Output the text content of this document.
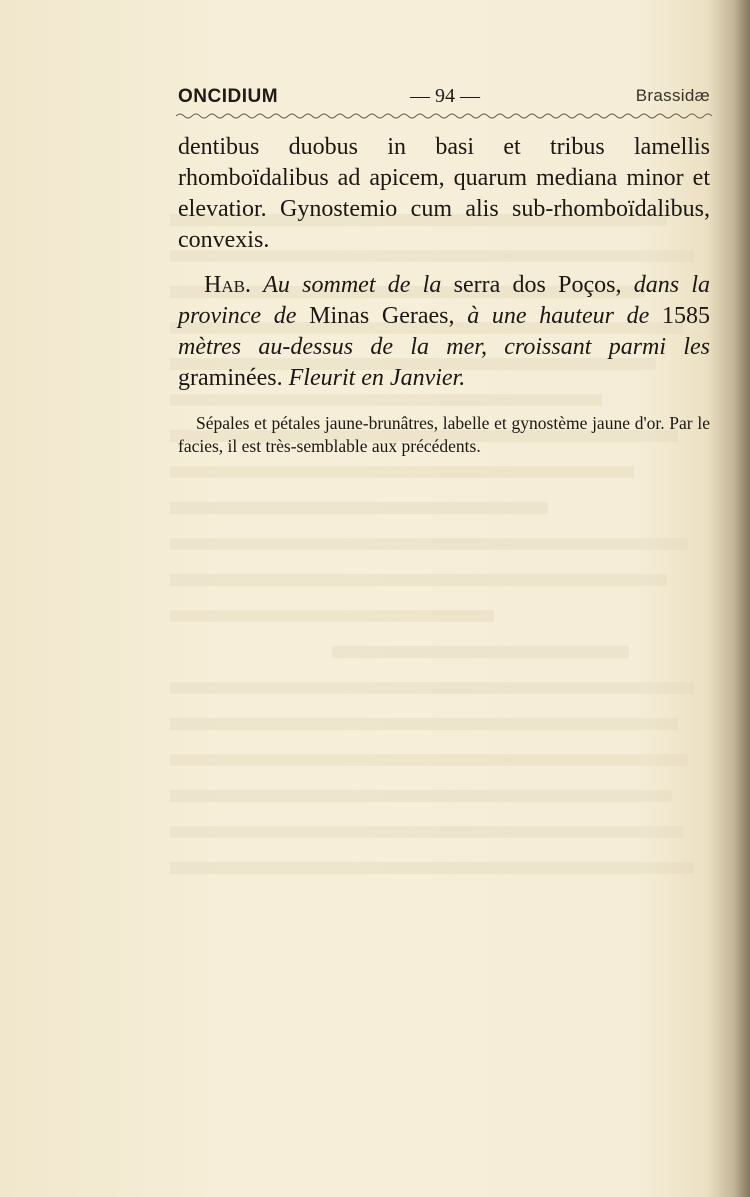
ONCIDIUM	— 94 —	Brassidæ

dentibus duobus in basi et tribus lamellis rhomboïdalibus ad apicem, quarum mediana minor et elevatior. Gynostemio cum alis sub-rhomboïdalibus, convexis.

Hab. Au sommet de la serra dos Poços, dans la province de Minas Geraes, à une hauteur de 1585 mètres au-dessus de la mer, croissant parmi les graminées. Fleurit en Janvier.

Sépales et pétales jaune-brunâtres, labelle et gynostème jaune d'or. Par le facies, il est très-semblable aux précédents.
